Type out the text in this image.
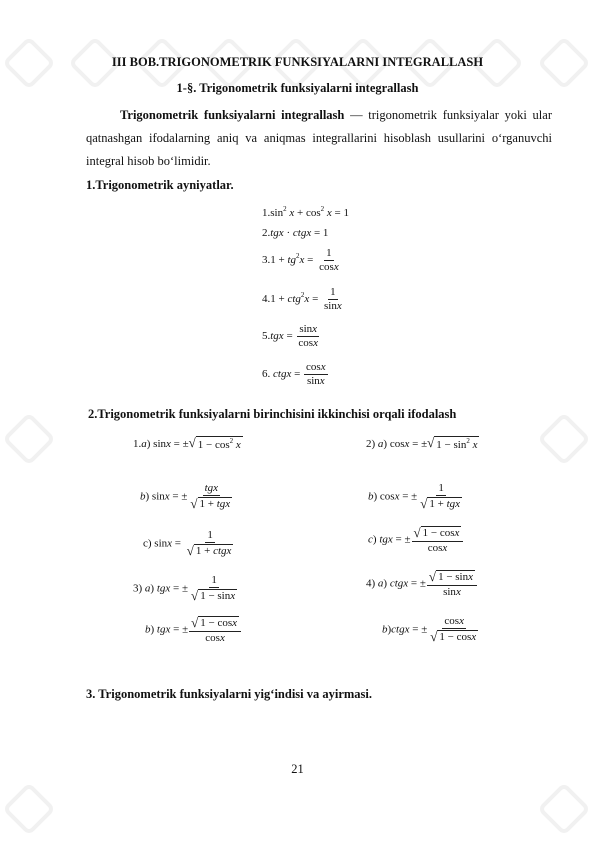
III BOB.TRIGONOMETRIK FUNKSIYALARNI INTEGRALLASH
1-§. Trigonometrik funksiyalarni integrallash
Trigonometrik funksiyalarni integrallash — trigonometrik funksiyalar yoki ular qatnashgan ifodalarning aniq va aniqmas integrallarini hisoblash usullarini o‘rganuvchi integral hisob bo‘limidir.
1.Trigonometrik ayniyatlar.
$1.\sin^2$ $x + \cos^2 x = 1$
2.tgx · ctgx = 1
$3.1 + tg^2x = \frac{1}{\cos x}$
$4.1 + ctg^2x = \frac{1}{\sin x}$
$5.tgx = \frac{\sin x}{\cos x}$
6. ctgx = $\frac{\cos x}{\sin x}$
2.Trigonometrik funksiyalarni birinchisini ikkinchisi orqali ifodalash
1.a) sinx = ± √ $1 - \cos^2 x$	2) a) cosx = ± √ $1 - \sin^2 x$
b) sinx = ± $\frac{\text{tgx}}{\text{√ 1 + tgx}}$	b) cosx = ± $\frac{1}{\text{√ 1 + tgx}}$
c) $\sin x = \frac{1}{\text{√ 1 + ctgx}}$	c) tgx = ± $\frac{√ 1 - \cos x}{\cos x}$
3) a) tgx = ± $\frac{1}{√ 1 - \sin x}$	4) a) ctgx = ± $\frac{√ 1 - \sin x}{\sin x}$
b) tgx = ± $\frac{√ 1 - \cos x}{\cos x}$	b)ctgx = ± $\frac{\cos x}{√ 1 - \cos x}$
3. Trigonometrik funksiyalarni yig‘indisi va ayirmasi.
21
